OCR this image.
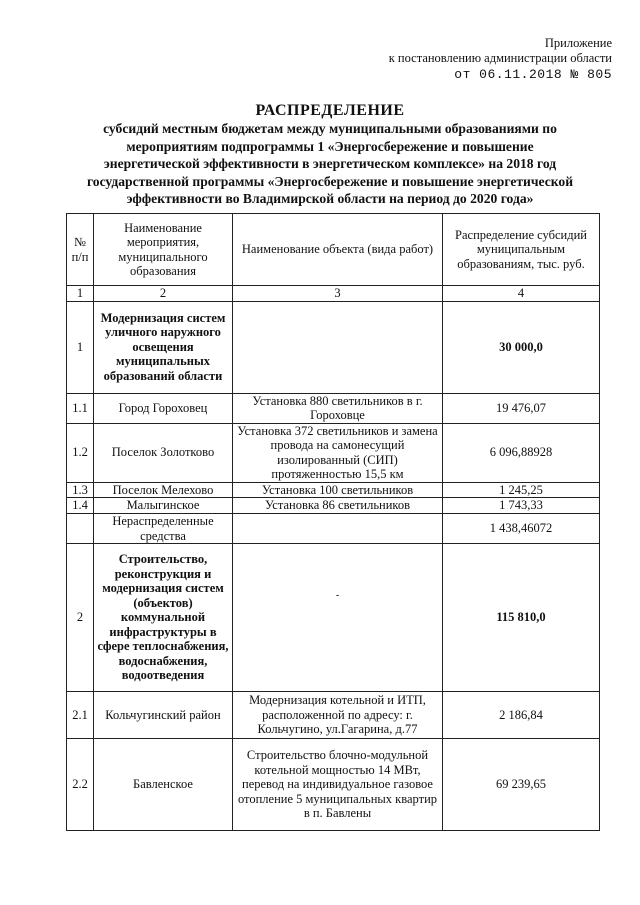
Приложение
к постановлению администрации области
от 06.11.2018 № 805
РАСПРЕДЕЛЕНИЕ
субсидий местным бюджетам между муниципальными образованиями по
мероприятиям подпрограммы 1 «Энергосбережение и повышение
энергетической эффективности в энергетическом комплексе» на 2018 год
государственной программы «Энергосбережение и повышение энергетической
эффективности во Владимирской области на период до 2020 года»
№ п/п	Наименование мероприятия, муниципального образования	Наименование объекта (вида работ)	Распределение субсидий муниципальным образованиям, тыс. руб.
1	2	3	4
1	Модернизация систем уличного наружного освещения муниципальных образований области		30 000,0
1.1	Город Гороховец	Установка 880 светильников в г. Гороховце	19 476,07
1.2	Поселок Золотково	Установка 372 светильников и замена провода на самонесущий изолированный (СИП) протяженностью 15,5 км	6 096,88928
1.3	Поселок Мелехово	Установка 100 светильников	1 245,25
1.4	Малыгинское	Установка 86 светильников	1 743,33
	Нераспределенные средства		1 438,46072
2	Строительство, реконструкция и модернизация систем (объектов) коммунальной инфраструктуры в сфере теплоснабжения, водоснабжения, водоотведения	-	115 810,0
2.1	Кольчугинский район	Модернизация котельной и ИТП, расположенной по адресу: г. Кольчугино, ул.Гагарина, д.77	2 186,84
2.2	Бавленское	Строительство блочно-модульной котельной мощностью 14 МВт, перевод на индивидуальное газовое отопление 5 муниципальных квартир в п. Бавлены	69 239,65
